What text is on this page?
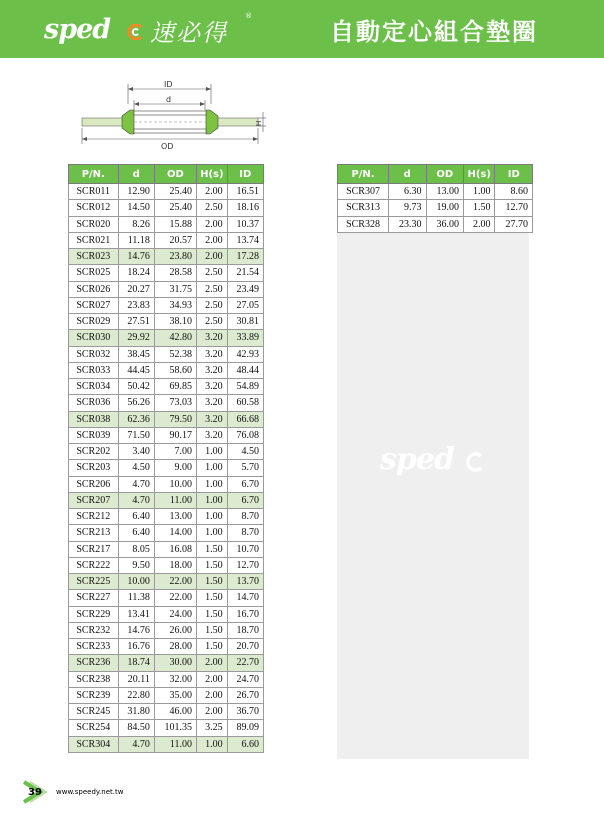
sped 速必得
®
自動定心組合墊圈
ID
d
H
OD
P/N.	d	OD	H(s)	ID
SCR011	12.90	25.40	2.00	16.51
SCR012	14.50	25.40	2.50	18.16
SCR020	8.26	15.88	2.00	10.37
SCR021	11.18	20.57	2.00	13.74
SCR023	14.76	23.80	2.00	17.28
SCR025	18.24	28.58	2.50	21.54
SCR026	20.27	31.75	2.50	23.49
SCR027	23.83	34.93	2.50	27.05
SCR029	27.51	38.10	2.50	30.81
SCR030	29.92	42.80	3.20	33.89
SCR032	38.45	52.38	3.20	42.93
SCR033	44.45	58.60	3.20	48.44
SCR034	50.42	69.85	3.20	54.89
SCR036	56.26	73.03	3.20	60.58
SCR038	62.36	79.50	3.20	66.68
SCR039	71.50	90.17	3.20	76.08
SCR202	3.40	7.00	1.00	4.50
SCR203	4.50	9.00	1.00	5.70
SCR206	4.70	10.00	1.00	6.70
SCR207	4.70	11.00	1.00	6.70
SCR212	6.40	13.00	1.00	8.70
SCR213	6.40	14.00	1.00	8.70
SCR217	8.05	16.08	1.50	10.70
SCR222	9.50	18.00	1.50	12.70
SCR225	10.00	22.00	1.50	13.70
SCR227	11.38	22.00	1.50	14.70
SCR229	13.41	24.00	1.50	16.70
SCR232	14.76	26.00	1.50	18.70
SCR233	16.76	28.00	1.50	20.70
SCR236	18.74	30.00	2.00	22.70
SCR238	20.11	32.00	2.00	24.70
SCR239	22.80	35.00	2.00	26.70
SCR245	31.80	46.00	2.00	36.70
SCR254	84.50	101.35	3.25	89.09
SCR304	4.70	11.00	1.00	6.60
P/N.	d	OD	H(s)	ID
SCR307	6.30	13.00	1.00	8.60
SCR313	9.73	19.00	1.50	12.70
SCR328	23.30	36.00	2.00	27.70
sped
39 www.speedy.net.tw
